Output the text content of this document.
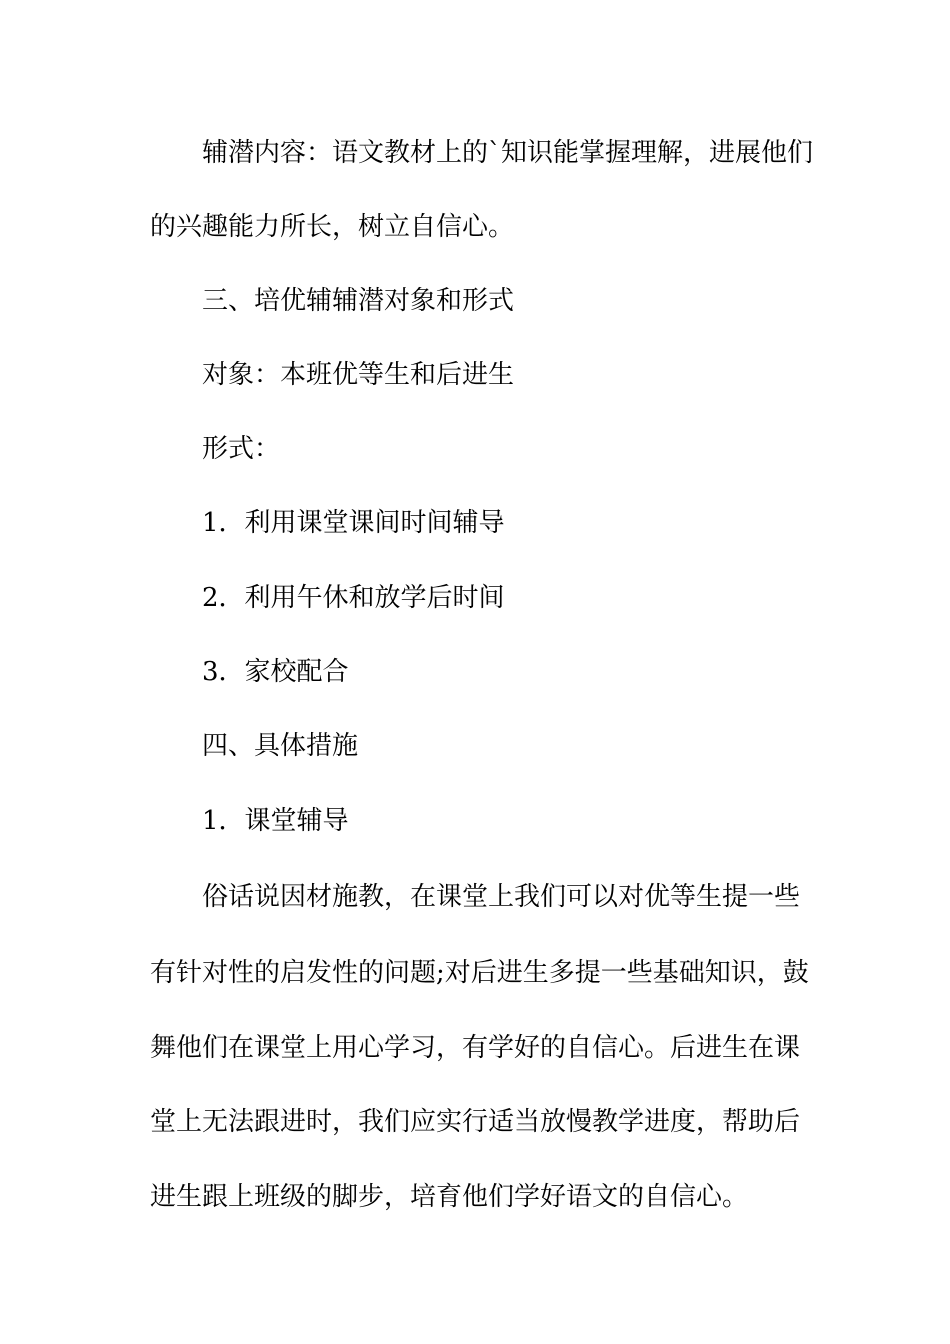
辅潜内容：语文教材上的`知识能掌握理解，进展他们
的兴趣能力所长，树立自信心。
三、培优辅辅潜对象和形式
对象：本班优等生和后进生
形式：
1．利用课堂课间时间辅导
2．利用午休和放学后时间
3．家校配合
四、具体措施
1．课堂辅导
俗话说因材施教，在课堂上我们可以对优等生提一些
有针对性的启发性的问题;对后进生多提一些基础知识，鼓
舞他们在课堂上用心学习，有学好的自信心。后进生在课
堂上无法跟进时，我们应实行适当放慢教学进度，帮助后
进生跟上班级的脚步，培育他们学好语文的自信心。
